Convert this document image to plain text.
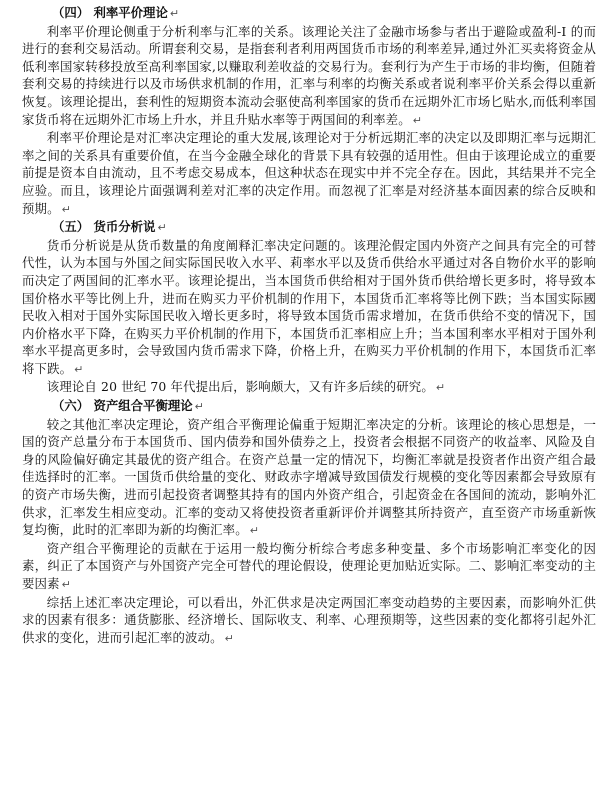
（四） 利率平价理论 ↵

利率平价理论侧重于分析利率与汇率的关系。该理论关注了金融市场参与者出于避险或盈利-I 的而进行的套利交易活动。所谓套利交易，是指套利者利用两国货币市场的利率差异,通过外汇买卖将资金从低利率国家转移投放至高利率国家,以赚取利差收益的交易行为。套利行为产生于市场的非均衡，但随着套利交易的持续进行以及市场供求机制的作用，汇率与利率的均衡关系或者说利率平价关系会得以重新恢复。该理论提出，套利性的短期资本流动会驱使高利率国家的货币在远期外汇市场匕贴水,而低利率国家货币将在远期外汇市场上升水，并且升贴水率等于两国间的利率差。 ↵

利率平价理论是对汇率决定理论的重大发展,该理论对于分析远期汇率的决定以及即期汇率与远期汇率之间的关系具有重要价值，在当今金融全球化的背景下具有较强的适用性。但由于该理论成立的重要前提是资本自由流动，且不考虑交易成本，但这种状态在现实中并不完全存在。因此，其结果并不完全应验。而且，该理论片面强调利差对汇率的决定作用。而忽视了汇率是对经济基本面因素的综合反映和预期。 ↵

（五） 货币分析说 ↵

货币分析说是从货币数量的角度阐释汇率决定问题的。该理沦假定国内外资产之间具有完全的可替代性，认为本国与外国之间实际国民收入水平、莉率水平以及货币供给水平通过对各自物价水平的影响而决定了两国间的汇率水平。该理论提出，当本国货币供给相对于国外货币供给增长更多时，将导致本国价格水平等比例上升，进而在购买力平价机制的作用下，本国货币汇率将等比例下跌；当本国实际國民收入相对于国外实际国民收入增长更多时，将导致本国货币需求增加，在货币供给不变的情况下，国内价格水平下降，在购买力平价机制的作用下，本国货币汇率相应上升；当本国利率水平相对于国外利率水平提高更多时，会导致国内货币需求下降，价格上升，在购买力平价机制的作用下，本国货币汇率将下跌。 ↵

该理论自 20 世纪 70 年代提出后，影响颇大，又有许多后续的研究。 ↵

（六） 资产组合平衡理论 ↵

较之其他汇率决定理论，资产组合平衡理论偏重于短期汇率决定的分析。该理论的核心思想是，一国的资产总量分布于本国货币、国内债券和国外债券之上，投资者会根据不同资产的收益率、风险及自身的风险偏好确定其最优的资产组合。在资产总量一定的情况下，均衡汇率就是投资者作出资产组合最佳选择时的汇率。一国货币供给量的变化、财政赤字增减导致国债发行规模的变化等因素都会导致原有的资产市场失衡，进而引起投资者调整其持有的国内外资产组合，引起资金在各国间的流动，影响外汇供求，汇率发生相应变动。汇率的变动又将使投资者重新评价并调整其所持资产，直至资产市场重新恢复均衡，此时的汇率即为新的均衡汇率。 ↵

资产组合平衡理论的贡献在于运用一般均衡分析综合考虑多种变量、多个市场影响汇率变化的因素，纠正了本国资产与外国资产完全可替代的理论假设，使理论更加贴近实际。二、影响汇率变动的主要因素 ↵

综括上述汇率决定理论，可以看出，外汇供求是决定两国汇率变动趋势的主要因素，而影响外汇供求的因素有很多：通货膨胀、经济增长、国际收支、利率、心理预期等，这些因素的变化都将引起外汇供求的变化，进而引起汇率的波动。 ↵
